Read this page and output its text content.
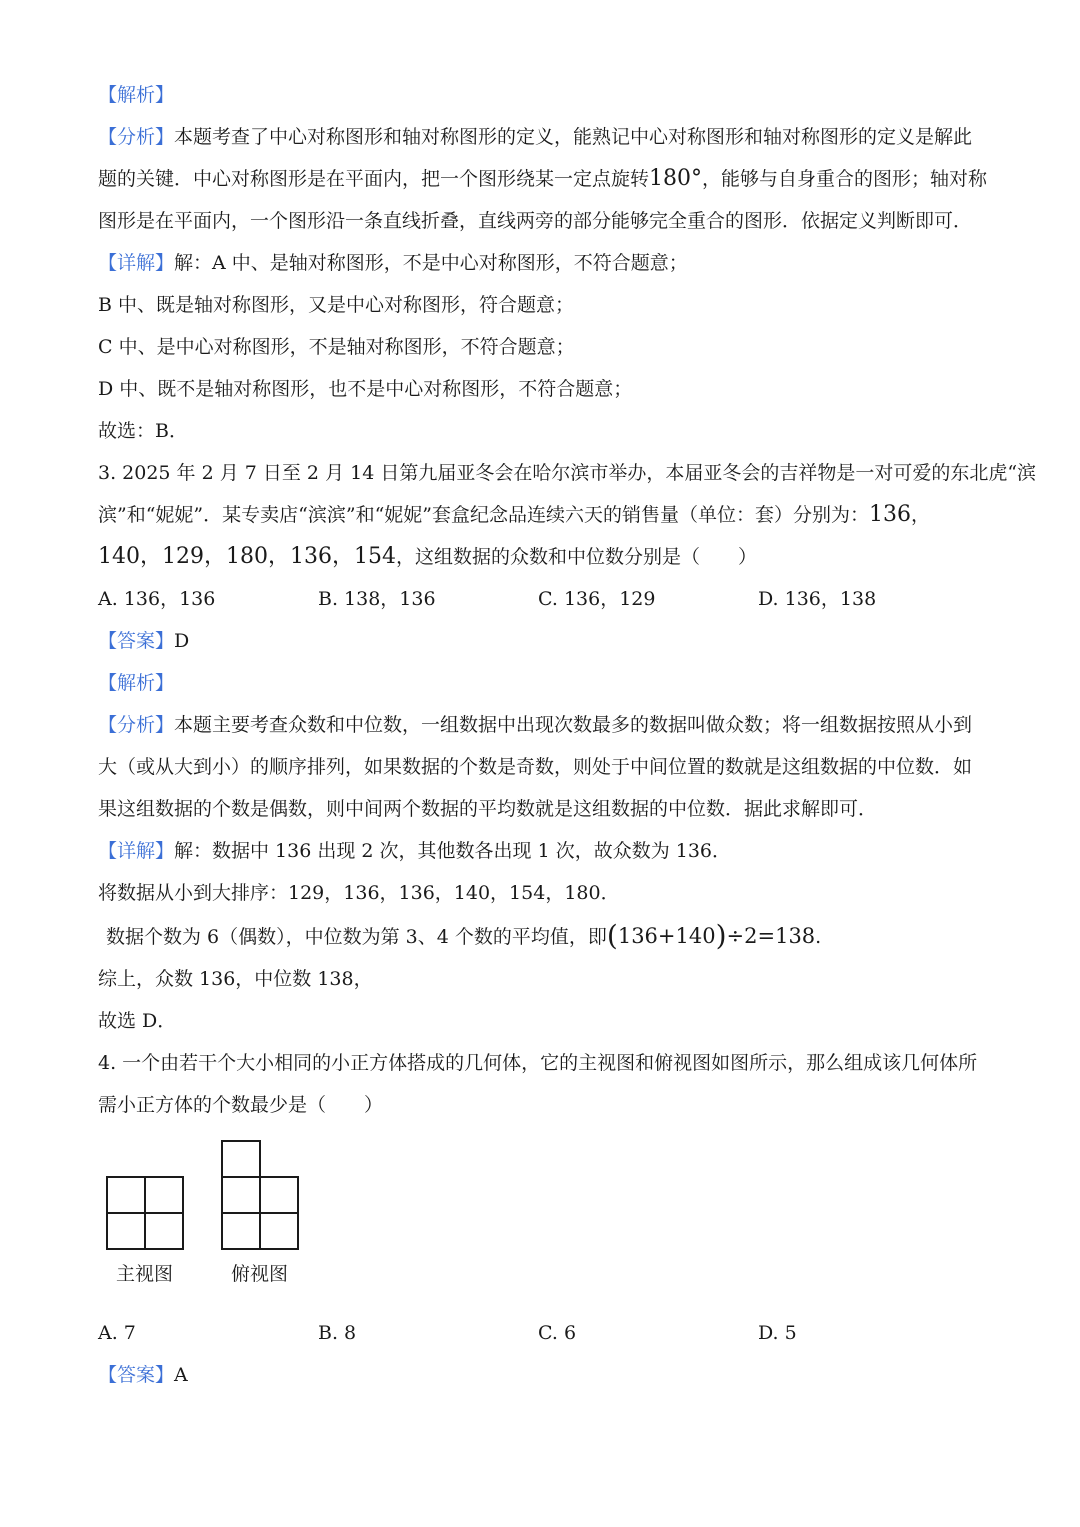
【解析】
【分析】本题考查了中心对称图形和轴对称图形的定义，能熟记中心对称图形和轴对称图形的定义是解此
题的关键．中心对称图形是在平面内，把一个图形绕某一定点旋转180°，能够与自身重合的图形；轴对称
图形是在平面内，一个图形沿一条直线折叠，直线两旁的部分能够完全重合的图形．依据定义判断即可．
【详解】解：A 中、是轴对称图形，不是中心对称图形，不符合题意；
B 中、既是轴对称图形，又是中心对称图形，符合题意；
C 中、是中心对称图形，不是轴对称图形，不符合题意；
D 中、既不是轴对称图形，也不是中心对称图形，不符合题意；
故选：B．
3. 2025 年 2 月 7 日至 2 月 14 日第九届亚冬会在哈尔滨市举办，本届亚冬会的吉祥物是一对可爱的东北虎“滨
滨”和“妮妮”．某专卖店“滨滨”和“妮妮”套盒纪念品连续六天的销售量（单位：套）分别为：136，
140，129，180，136，154，这组数据的众数和中位数分别是（　　）
A. 136，136	B. 138，136	C. 136，129	D. 136，138
【答案】D
【解析】
【分析】本题主要考查众数和中位数，一组数据中出现次数最多的数据叫做众数；将一组数据按照从小到
大（或从大到小）的顺序排列，如果数据的个数是奇数，则处于中间位置的数就是这组数据的中位数．如
果这组数据的个数是偶数，则中间两个数据的平均数就是这组数据的中位数．据此求解即可．
【详解】解：数据中 136 出现 2 次，其他数各出现 1 次，故众数为 136．
将数据从小到大排序：129，136，136，140，154，180．
数据个数为 6（偶数），中位数为第 3、4 个数的平均值，即(136+140)÷2=138.
综上，众数 136，中位数 138，
故选 D．
4. 一个由若干个大小相同的小正方体搭成的几何体，它的主视图和俯视图如图所示，那么组成该几何体所
需小正方体的个数最少是（　　）
主视图	俯视图
A. 7	B. 8	C. 6	D. 5
【答案】A
